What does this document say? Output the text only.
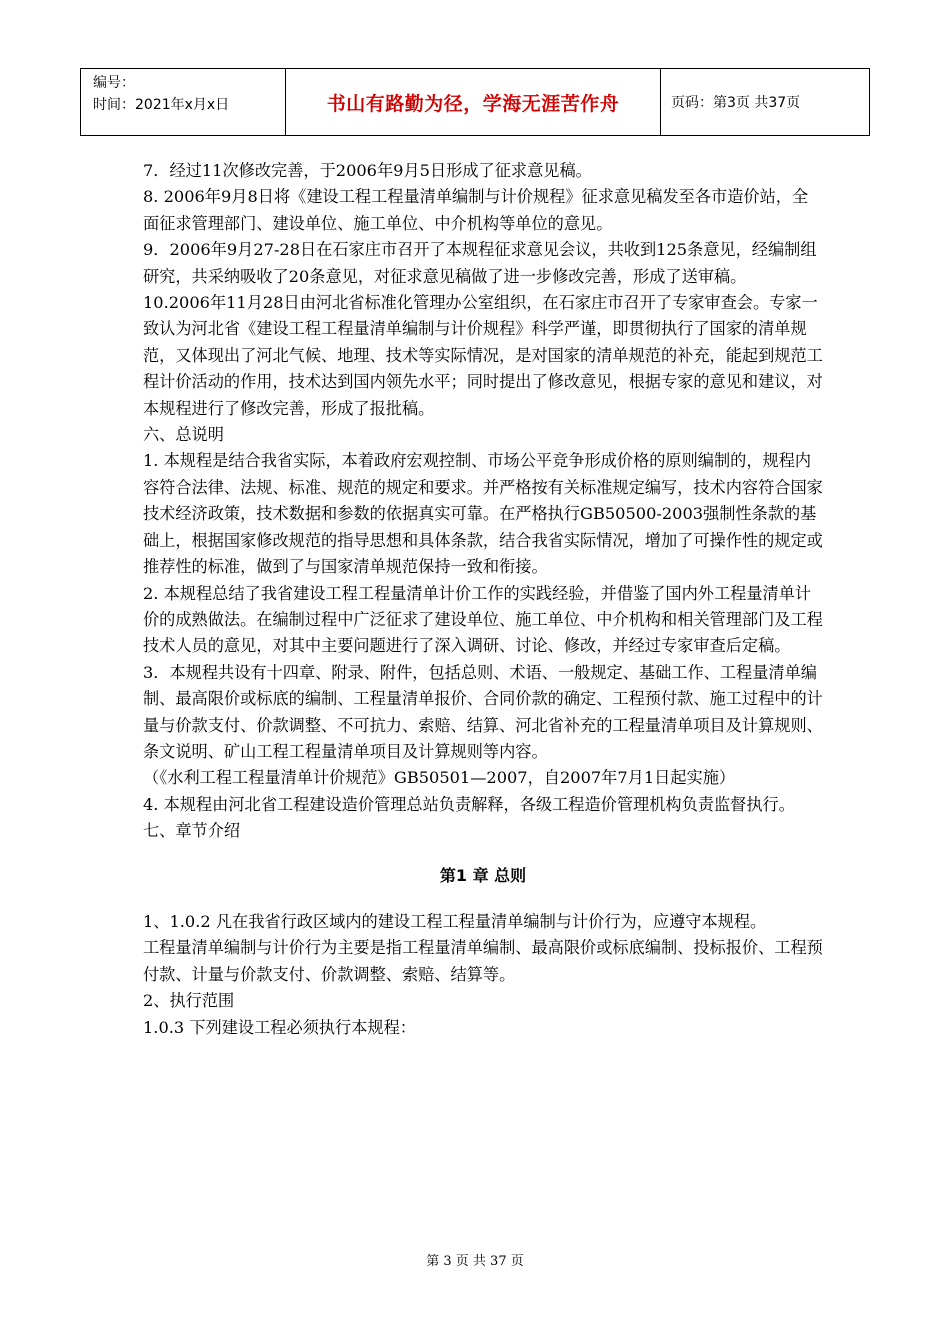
编号：
时间：2021年x月x日	书山有路勤为径，学海无涯苦作舟	页码：第3页 共37页

7．经过11次修改完善，于2006年9月5日形成了征求意见稿。

8. 2006年9月8日将《建设工程工程量清单编制与计价规程》征求意见稿发至各市造价站，全面征求管理部门、建设单位、施工单位、中介机构等单位的意见。

9．2006年9月27-28日在石家庄市召开了本规程征求意见会议，共收到125条意见，经编制组研究，共采纳吸收了20条意见，对征求意见稿做了进一步修改完善，形成了送审稿。

10.2006年11月28日由河北省标准化管理办公室组织，在石家庄市召开了专家审查会。专家一致认为河北省《建设工程工程量清单编制与计价规程》科学严谨，即贯彻执行了国家的清单规范，又体现出了河北气候、地理、技术等实际情况，是对国家的清单规范的补充，能起到规范工程计价活动的作用，技术达到国内领先水平；同时提出了修改意见，根据专家的意见和建议，对本规程进行了修改完善，形成了报批稿。

六、总说明

1. 本规程是结合我省实际，本着政府宏观控制、市场公平竞争形成价格的原则编制的，规程内容符合法律、法规、标准、规范的规定和要求。并严格按有关标准规定编写，技术内容符合国家技术经济政策，技术数据和参数的依据真实可靠。在严格执行GB50500-2003强制性条款的基础上，根据国家修改规范的指导思想和具体条款，结合我省实际情况，增加了可操作性的规定或推荐性的标准，做到了与国家清单规范保持一致和衔接。

2. 本规程总结了我省建设工程工程量清单计价工作的实践经验，并借鉴了国内外工程量清单计价的成熟做法。在编制过程中广泛征求了建设单位、施工单位、中介机构和相关管理部门及工程技术人员的意见，对其中主要问题进行了深入调研、讨论、修改，并经过专家审查后定稿。

3．本规程共设有十四章、附录、附件，包括总则、术语、一般规定、基础工作、工程量清单编制、最高限价或标底的编制、工程量清单报价、合同价款的确定、工程预付款、施工过程中的计量与价款支付、价款调整、不可抗力、索赔、结算、河北省补充的工程量清单项目及计算规则、条文说明、矿山工程工程量清单项目及计算规则等内容。

（《水利工程工程量清单计价规范》GB50501—2007，自2007年7月1日起实施）

4. 本规程由河北省工程建设造价管理总站负责解释，各级工程造价管理机构负责监督执行。

七、章节介绍

第1 章 总则

1、1.0.2 凡在我省行政区域内的建设工程工程量清单编制与计价行为，应遵守本规程。

工程量清单编制与计价行为主要是指工程量清单编制、最高限价或标底编制、投标报价、工程预付款、计量与价款支付、价款调整、索赔、结算等。

2、执行范围

1.0.3 下列建设工程必须执行本规程：

第 3 页 共 37 页
